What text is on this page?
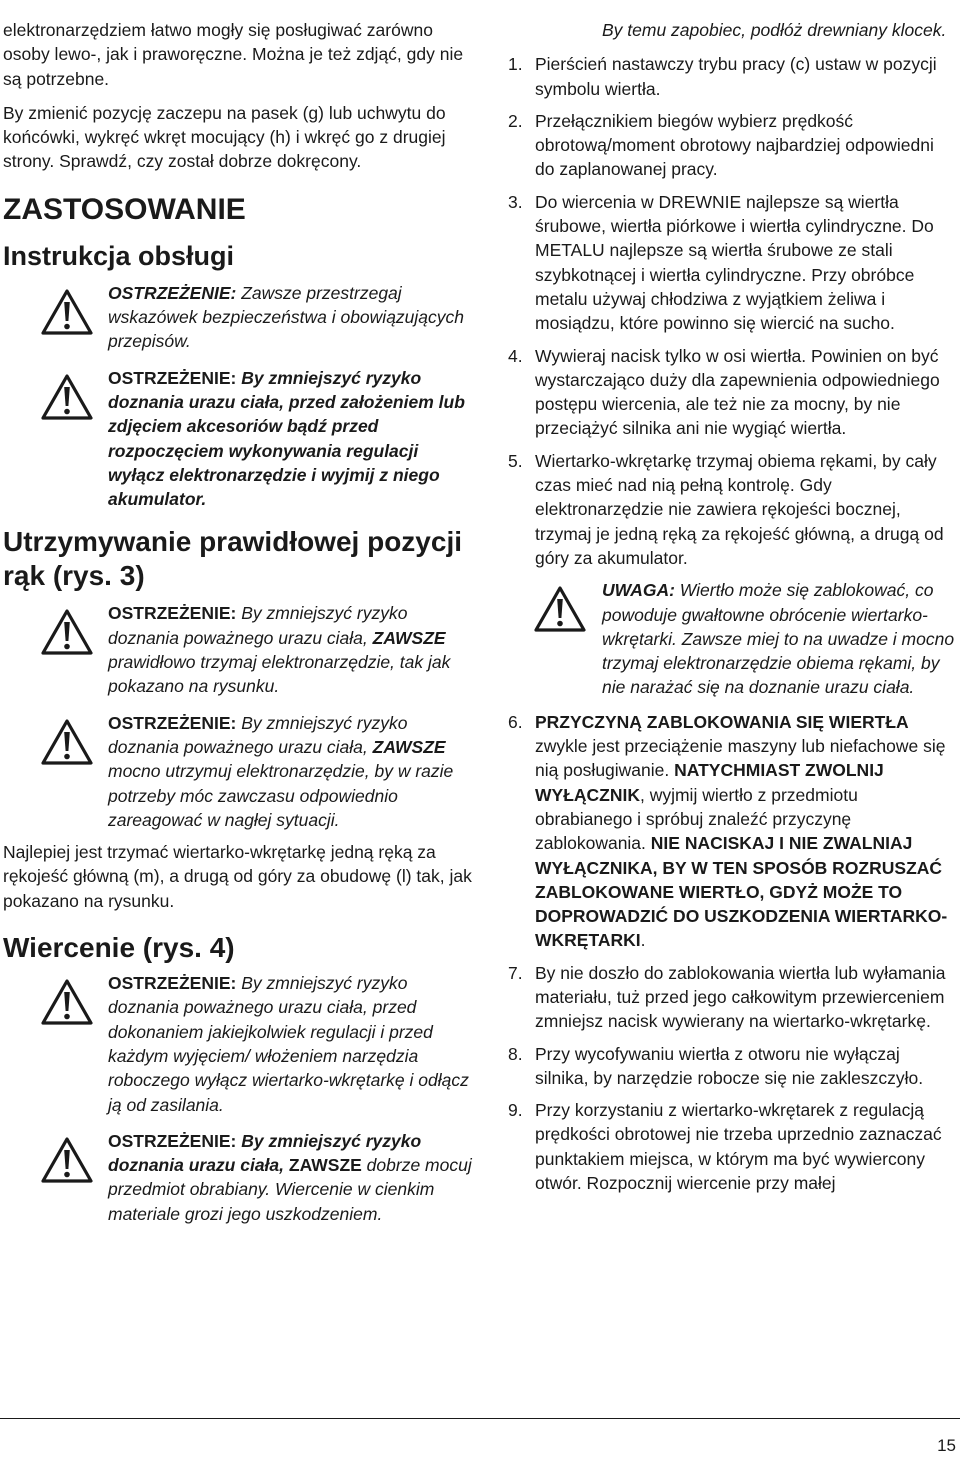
elektronarzędziem łatwo mogły się posługiwać zarówno osoby lewo-, jak i praworęczne. Można je też zdjąć, gdy nie są potrzebne.

By zmienić pozycję zaczepu na pasek (g) lub uchwytu do końcówki, wykręć wkręt mocujący (h) i wkręć go z drugiej strony. Sprawdź, czy został dobrze dokręcony.

ZASTOSOWANIE
Instrukcja obsługi

OSTRZEŻENIE: Zawsze przestrzegaj wskazówek bezpieczeństwa i obowiązujących przepisów.

OSTRZEŻENIE: By zmniejszyć ryzyko doznania urazu ciała, przed założeniem lub zdjęciem akcesoriów bądź przed rozpoczęciem wykonywania regulacji wyłącz elektronarzędzie i wyjmij z niego akumulator.

Utrzymywanie prawidłowej pozycji rąk (rys. 3)

OSTRZEŻENIE: By zmniejszyć ryzyko doznania poważnego urazu ciała, ZAWSZE prawidłowo trzymaj elektronarzędzie, tak jak pokazano na rysunku.

OSTRZEŻENIE: By zmniejszyć ryzyko doznania poważnego urazu ciała, ZAWSZE mocno utrzymuj elektronarzędzie, by w razie potrzeby móc zawczasu odpowiednio zareagować w nagłej sytuacji.

Najlepiej jest trzymać wiertarko-wkrętarkę jedną ręką za rękojeść główną (m), a drugą od góry za obudowę (l) tak, jak pokazano na rysunku.

Wiercenie (rys. 4)

OSTRZEŻENIE: By zmniejszyć ryzyko doznania poważnego urazu ciała, przed dokonaniem jakiejkolwiek regulacji i przed każdym wyjęciem/ włożeniem narzędzia roboczego wyłącz wiertarko-wkrętarkę i odłącz ją od zasilania.

OSTRZEŻENIE: By zmniejszyć ryzyko doznania urazu ciała, ZAWSZE dobrze mocuj przedmiot obrabiany. Wiercenie w cienkim materiale grozi jego uszkodzeniem.

By temu zapobiec, podłóż drewniany klocek.

1. Pierścień nastawczy trybu pracy (c) ustaw w pozycji symbolu wiertła.
2. Przełącznikiem biegów wybierz prędkość obrotową/moment obrotowy najbardziej odpowiedni do zaplanowanej pracy.
3. Do wiercenia w DREWNIE najlepsze są wiertła śrubowe, wiertła piórkowe i wiertła cylindryczne. Do METALU najlepsze są wiertła śrubowe ze stali szybkotnącej i wiertła cylindryczne. Przy obróbce metalu używaj chłodziwa z wyjątkiem żeliwa i mosiądzu, które powinno się wiercić na sucho.
4. Wywieraj nacisk tylko w osi wiertła. Powinien on być wystarczająco duży dla zapewnienia odpowiedniego postępu wiercenia, ale też nie za mocny, by nie przeciążyć silnika ani nie wygiąć wiertła.
5. Wiertarko-wkrętarkę trzymaj obiema rękami, by cały czas mieć nad nią pełną kontrolę. Gdy elektronarzędzie nie zawiera rękojeści bocznej, trzymaj je jedną ręką za rękojeść główną, a drugą od góry za akumulator.

UWAGA: Wiertło może się zablokować, co powoduje gwałtowne obrócenie wiertarko-wkrętarki. Zawsze miej to na uwadze i mocno trzymaj elektronarzędzie obiema rękami, by nie narażać się na doznanie urazu ciała.

6. PRZYCZYNĄ ZABLOKOWANIA SIĘ WIERTŁA zwykle jest przeciążenie maszyny lub niefachowe się nią posługiwanie. NATYCHMIAST ZWOLNIJ WYŁĄCZNIK, wyjmij wiertło z przedmiotu obrabianego i spróbuj znaleźć przyczynę zablokowania. NIE NACISKAJ I NIE ZWALNIAJ WYŁĄCZNIKA, BY W TEN SPOSÓB ROZRUSZAĆ ZABLOKOWANE WIERTŁO, GDYŻ MOŻE TO DOPROWADZIĆ DO USZKODZENIA WIERTARKO-WKRĘTARKI.
7. By nie doszło do zablokowania wiertła lub wyłamania materiału, tuż przed jego całkowitym przewierceniem zmniejsz nacisk wywierany na wiertarko-wkrętarkę.
8. Przy wycofywaniu wiertła z otworu nie wyłączaj silnika, by narzędzie robocze się nie zakleszczyło.
9. Przy korzystaniu z wiertarko-wkrętarek z regulacją prędkości obrotowej nie trzeba uprzednio zaznaczać punktakiem miejsca, w którym ma być wywiercony otwór. Rozpocznij wiercenie przy małej
15
